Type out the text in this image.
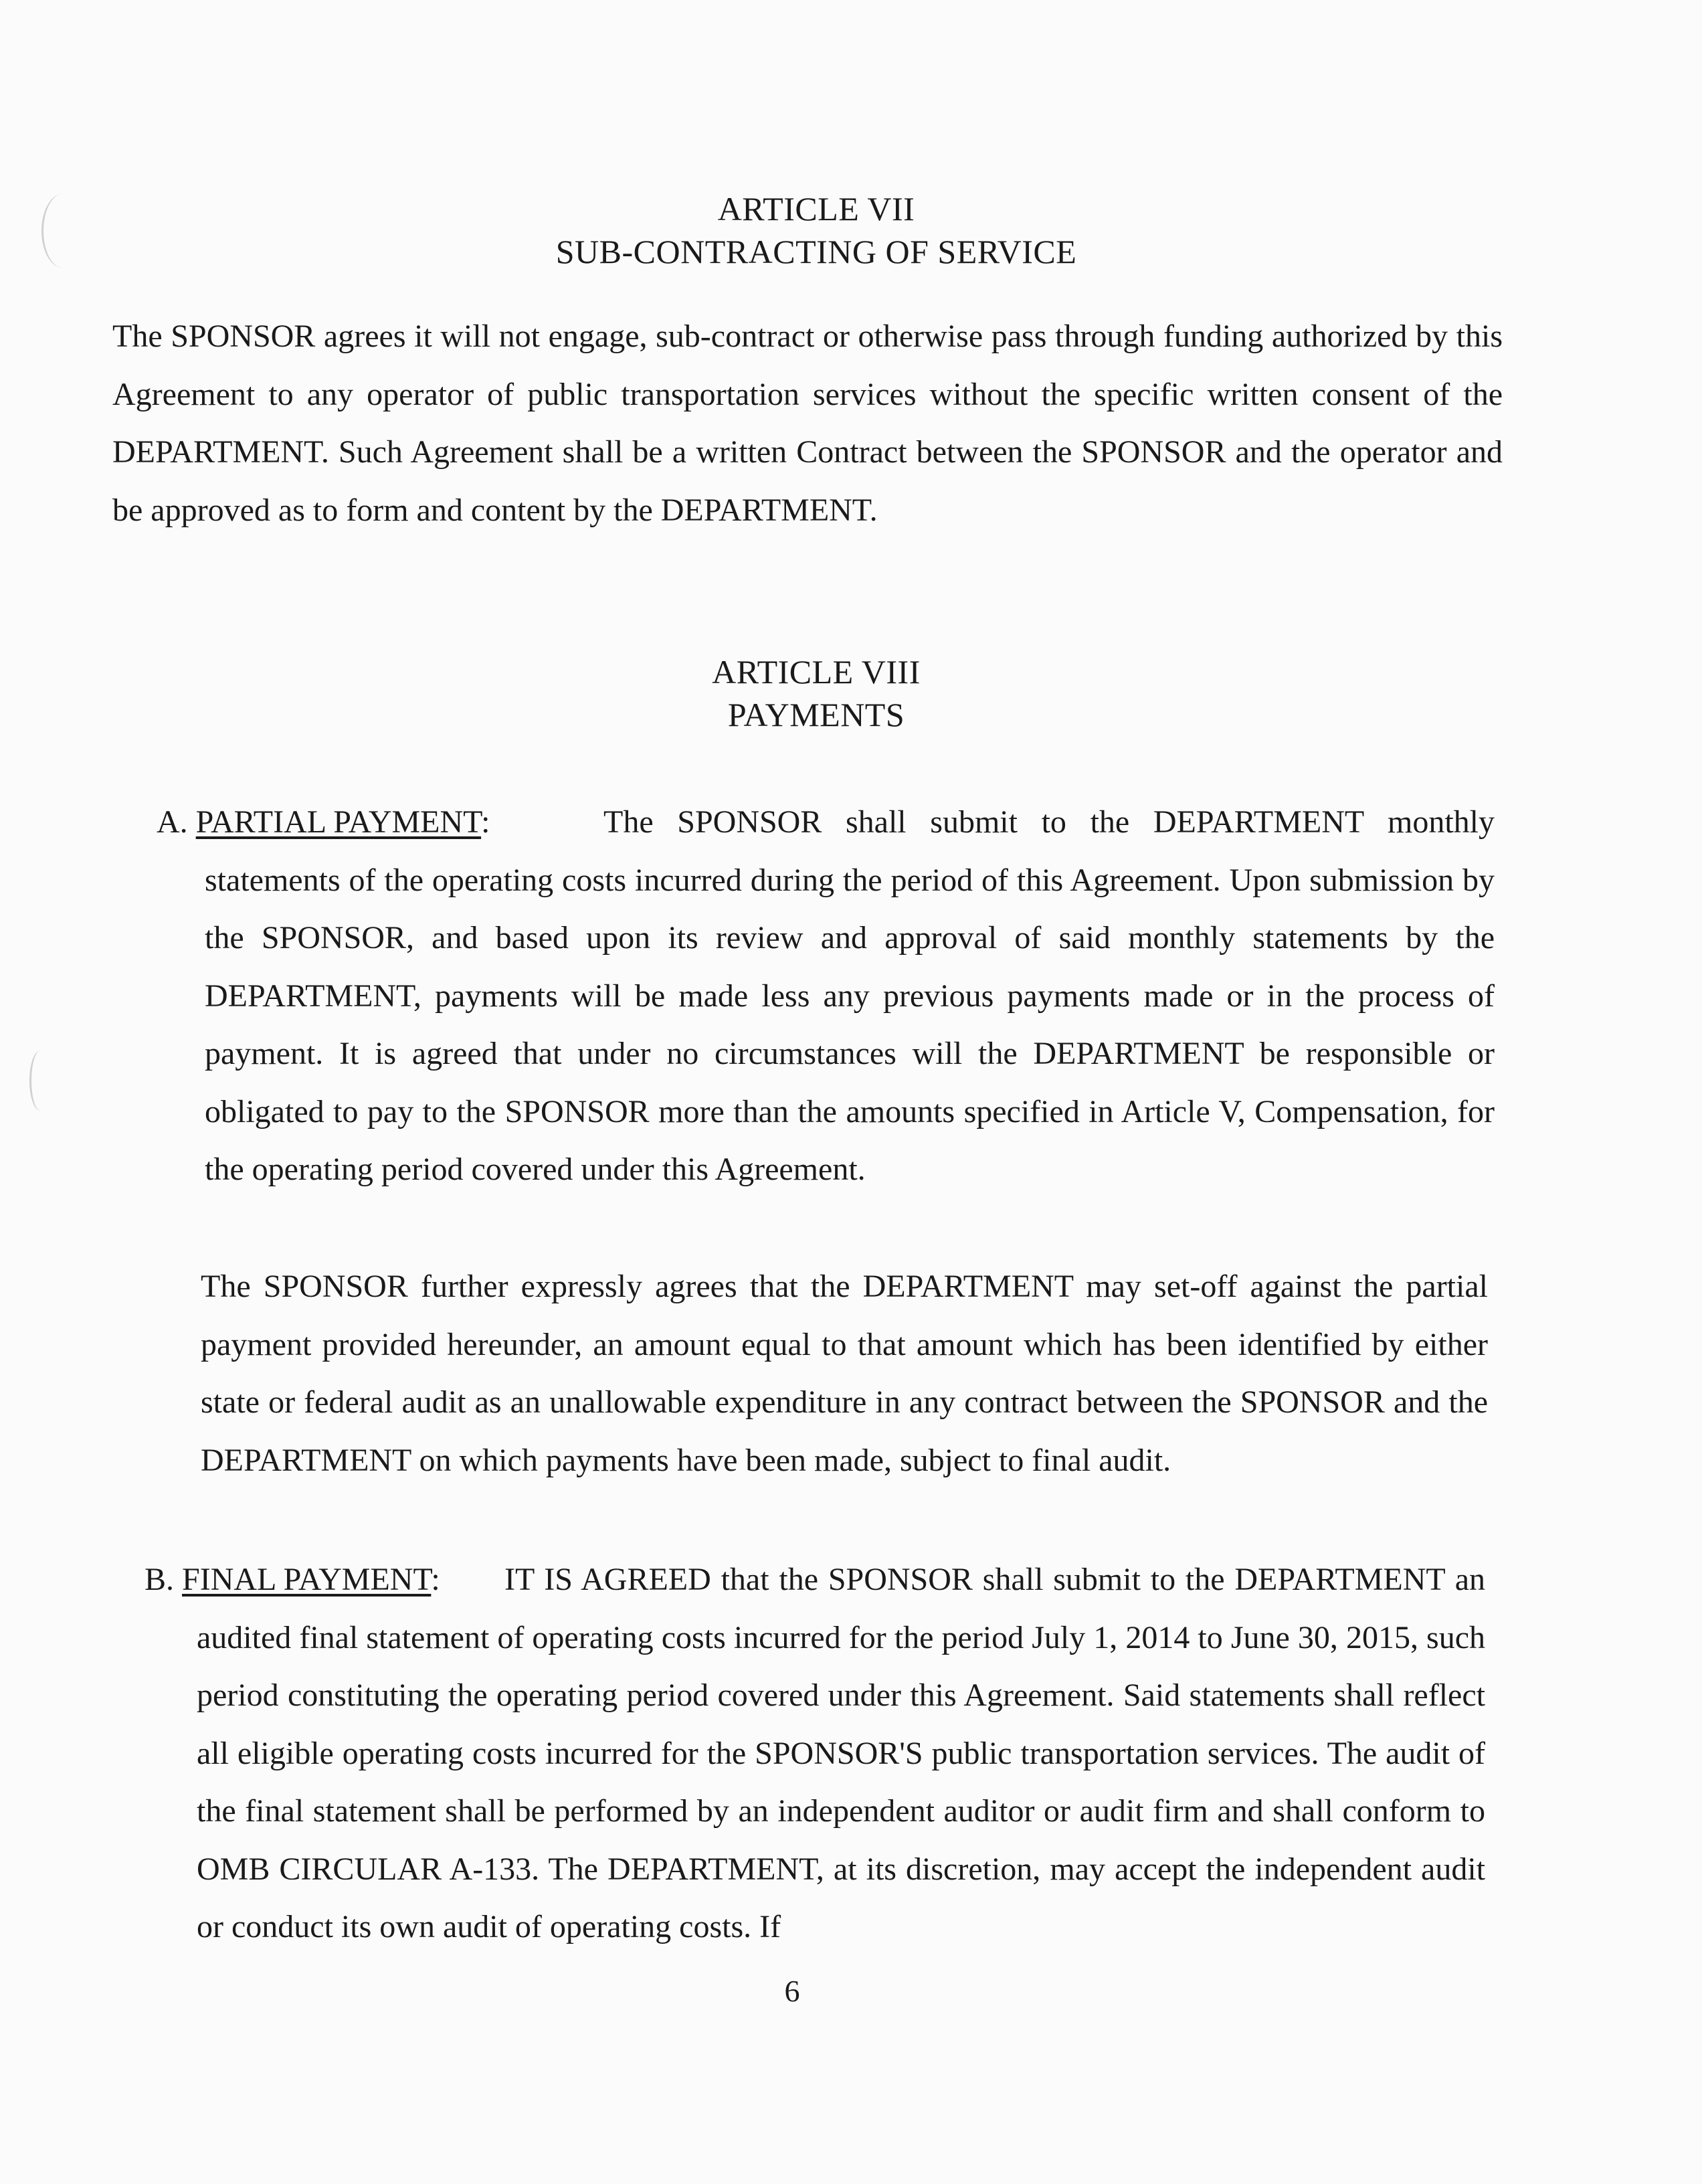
ARTICLE VII
SUB-CONTRACTING OF SERVICE

The SPONSOR agrees it will not engage, sub-contract or otherwise pass through funding authorized by this Agreement to any operator of public transportation services without the specific written consent of the DEPARTMENT. Such Agreement shall be a written Contract between the SPONSOR and the operator and be approved as to form and content by the DEPARTMENT.

ARTICLE VIII
PAYMENTS
A. PARTIAL PAYMENT:	The SPONSOR shall submit to the DEPARTMENT monthly statements of the operating costs incurred during the period of this Agreement. Upon submission by the SPONSOR, and based upon its review and approval of said monthly statements by the DEPARTMENT, payments will be made less any previous payments made or in the process of payment. It is agreed that under no circumstances will the DEPARTMENT be responsible or obligated to pay to the SPONSOR more than the amounts specified in Article V, Compensation, for the operating period covered under this Agreement.

The SPONSOR further expressly agrees that the DEPARTMENT may set-off against the partial payment provided hereunder, an amount equal to that amount which has been identified by either state or federal audit as an unallowable expenditure in any contract between the SPONSOR and the DEPARTMENT on which payments have been made, subject to final audit.

B. FINAL PAYMENT:	IT IS AGREED that the SPONSOR shall submit to the DEPARTMENT an audited final statement of operating costs incurred for the period July 1, 2014 to June 30, 2015, such period constituting the operating period covered under this Agreement. Said statements shall reflect all eligible operating costs incurred for the SPONSOR'S public transportation services. The audit of the final statement shall be performed by an independent auditor or audit firm and shall conform to OMB CIRCULAR A-133. The DEPARTMENT, at its discretion, may accept the independent audit or conduct its own audit of operating costs. If

6
